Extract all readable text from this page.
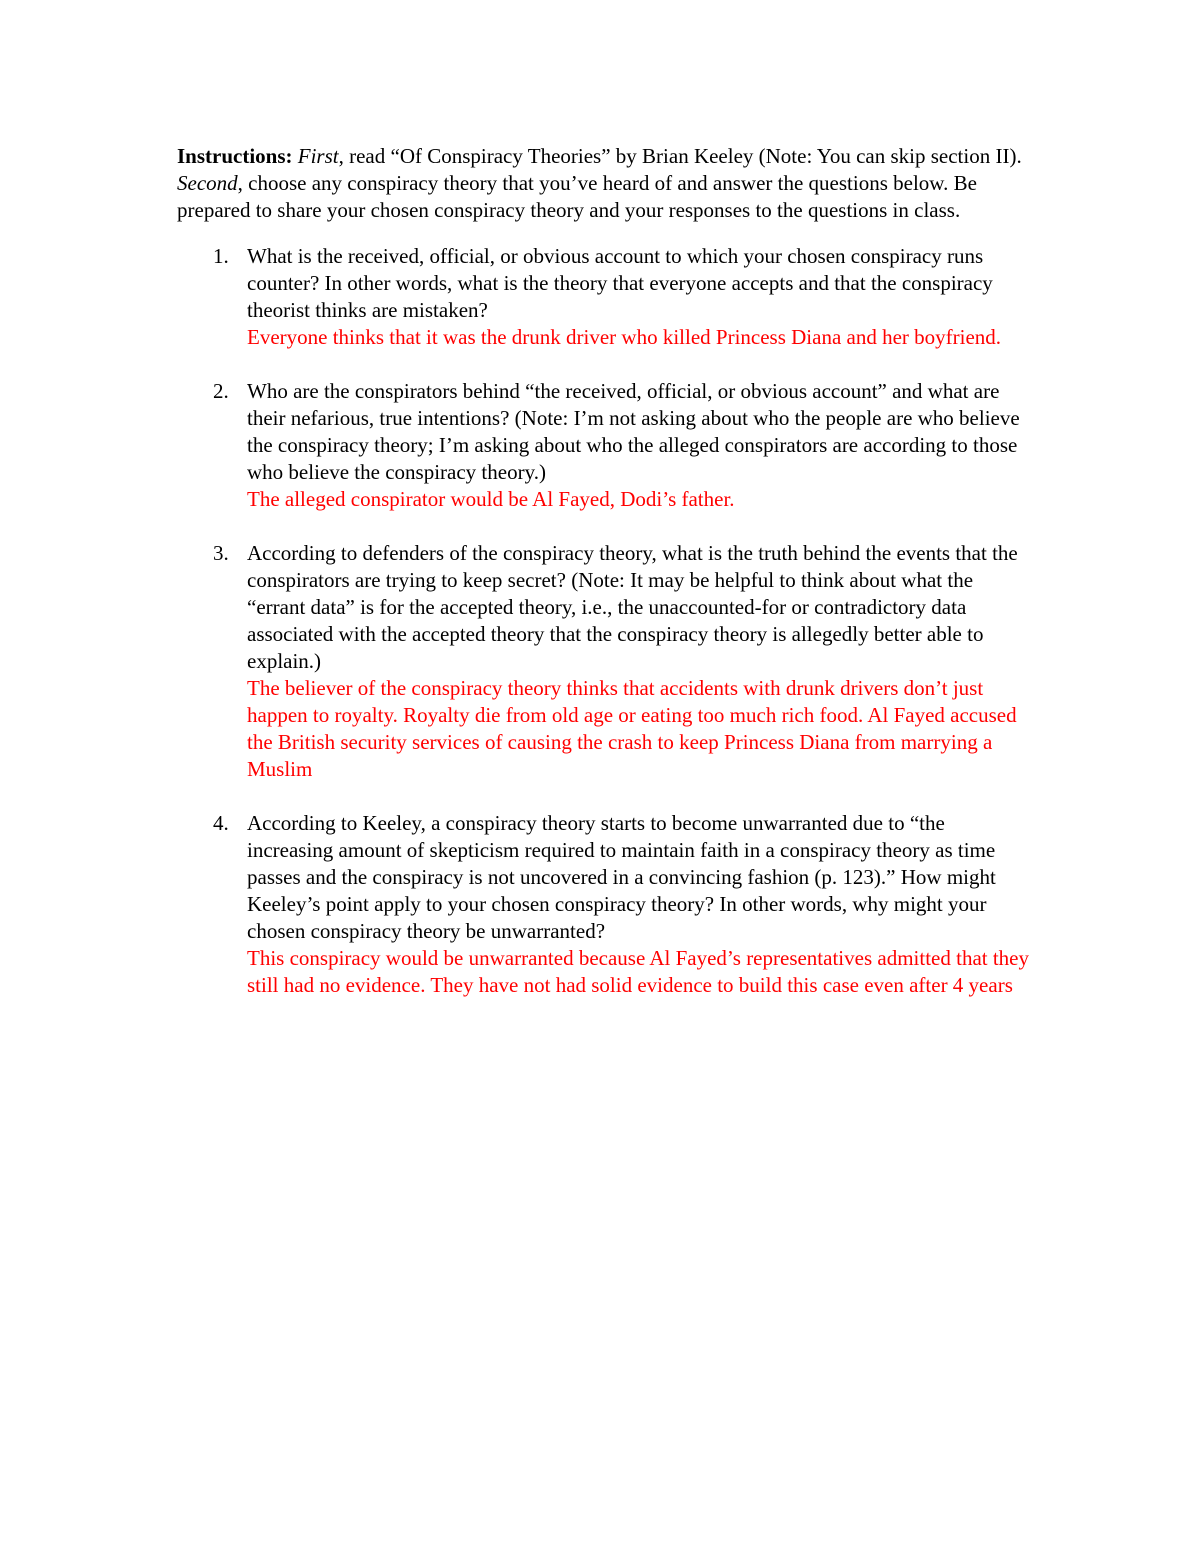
Instructions: First, read “Of Conspiracy Theories” by Brian Keeley (Note: You can skip section II). Second, choose any conspiracy theory that you’ve heard of and answer the questions below. Be prepared to share your chosen conspiracy theory and your responses to the questions in class.

1. What is the received, official, or obvious account to which your chosen conspiracy runs counter? In other words, what is the theory that everyone accepts and that the conspiracy theorist thinks are mistaken?
Everyone thinks that it was the drunk driver who killed Princess Diana and her boyfriend.
2. Who are the conspirators behind “the received, official, or obvious account” and what are their nefarious, true intentions? (Note: I’m not asking about who the people are who believe the conspiracy theory; I’m asking about who the alleged conspirators are according to those who believe the conspiracy theory.)
The alleged conspirator would be Al Fayed, Dodi’s father.
3. According to defenders of the conspiracy theory, what is the truth behind the events that the conspirators are trying to keep secret? (Note: It may be helpful to think about what the “errant data” is for the accepted theory, i.e., the unaccounted-for or contradictory data associated with the accepted theory that the conspiracy theory is allegedly better able to explain.)
The believer of the conspiracy theory thinks that accidents with drunk drivers don’t just happen to royalty. Royalty die from old age or eating too much rich food. Al Fayed accused the British security services of causing the crash to keep Princess Diana from marrying a Muslim
4. According to Keeley, a conspiracy theory starts to become unwarranted due to “the increasing amount of skepticism required to maintain faith in a conspiracy theory as time passes and the conspiracy is not uncovered in a convincing fashion (p. 123).” How might Keeley’s point apply to your chosen conspiracy theory? In other words, why might your chosen conspiracy theory be unwarranted?
This conspiracy would be unwarranted because Al Fayed’s representatives admitted that they still had no evidence. They have not had solid evidence to build this case even after 4 years
